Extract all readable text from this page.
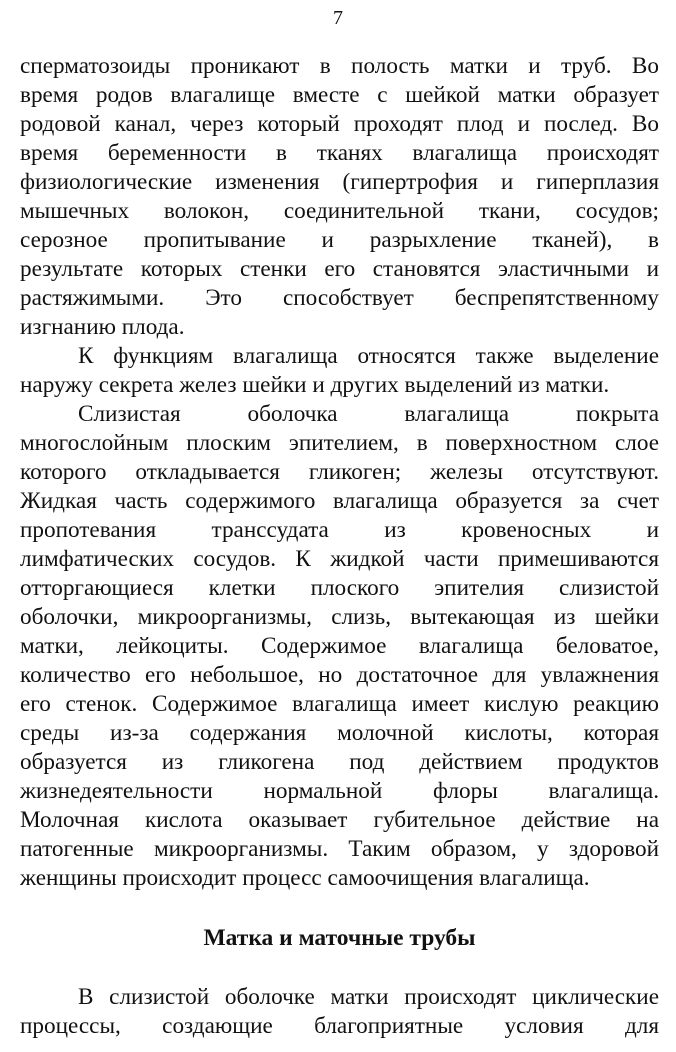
7
сперматозоиды проникают в полость матки и труб. Во
время родов влагалище вместе с шейкой матки образует
родовой канал, через который проходят плод и послед. Во
время беременности в тканях влагалища происходят
физиологические изменения (гипертрофия и гиперплазия
мышечных волокон, соединительной ткани, сосудов;
серозное пропитывание и разрыхление тканей), в
результате которых стенки его становятся эластичными и
растяжимыми. Это способствует беспрепятственному
изгнанию плода.
К функциям влагалища относятся также выделение
наружу секрета желез шейки и других выделений из матки.
Слизистая оболочка влагалища покрыта
многослойным плоским эпителием, в поверхностном слое
которого откладывается гликоген; железы отсутствуют.
Жидкая часть содержимого влагалища образуется за счет
пропотевания транссудата из кровеносных и
лимфатических сосудов. К жидкой части примешиваются
отторгающиеся клетки плоского эпителия слизистой
оболочки, микроорганизмы, слизь, вытекающая из шейки
матки, лейкоциты. Содержимое влагалища беловатое,
количество его небольшое, но достаточное для увлажнения
его стенок. Содержимое влагалища имеет кислую реакцию
среды из-за содержания молочной кислоты, которая
образуется из гликогена под действием продуктов
жизнедеятельности нормальной флоры влагалища.
Молочная кислота оказывает губительное действие на
патогенные микроорганизмы. Таким образом, у здоровой
женщины происходит процесс самоочищения влагалища.
Матка и маточные трубы
В слизистой оболочке матки происходят циклические
процессы, создающие благоприятные условия для
